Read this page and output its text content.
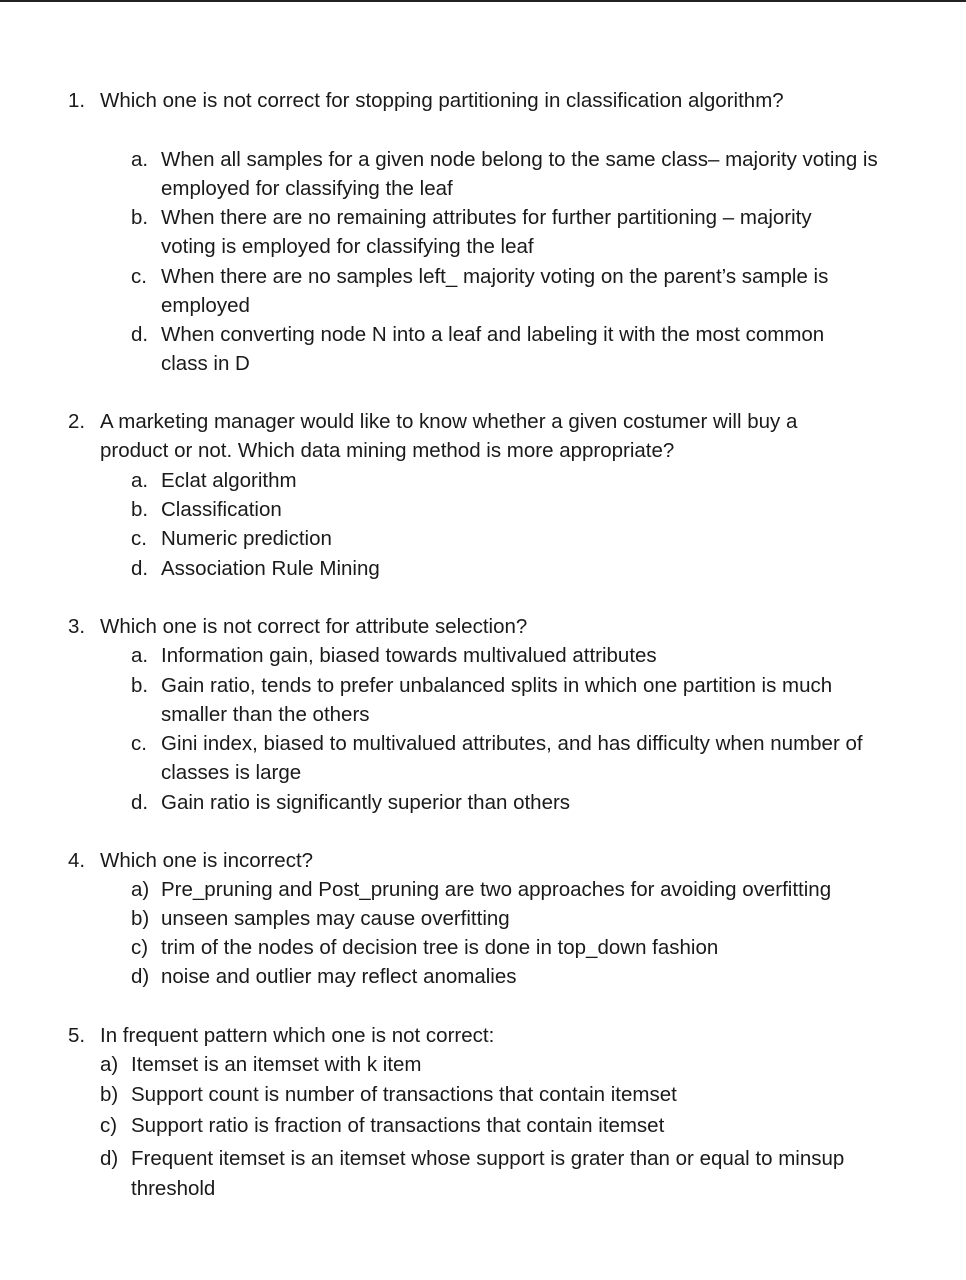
1. Which one is not correct for stopping partitioning in classification algorithm?
a. When all samples for a given node belong to the same class– majority voting is
employed for classifying the leaf
b. When there are no remaining attributes for further partitioning – majority
voting is employed for classifying the leaf
c. When there are no samples left_ majority voting on the parent’s sample is
employed
d. When converting node N into a leaf and labeling it with the most common
class in D
2. A marketing manager would like to know whether a given costumer will buy a
product or not. Which data mining method is more appropriate?
a. Eclat algorithm
b. Classification
c. Numeric prediction
d. Association Rule Mining
3. Which one is not correct for attribute selection?
a. Information gain, biased towards multivalued attributes
b. Gain ratio, tends to prefer unbalanced splits in which one partition is much
smaller than the others
c. Gini index, biased to multivalued attributes, and has difficulty when number of
classes is large
d. Gain ratio is significantly superior than others
4. Which one is incorrect?
a) Pre_pruning and Post_pruning are two approaches for avoiding overfitting
b) unseen samples may cause overfitting
c) trim of the nodes of decision tree is done in top_down fashion
d) noise and outlier may reflect anomalies
5. In frequent pattern which one is not correct:
a) Itemset is an itemset with k item
b) Support count is number of transactions that contain itemset
c) Support ratio is fraction of transactions that contain itemset
d) Frequent itemset is an itemset whose support is grater than or equal to minsup
threshold
